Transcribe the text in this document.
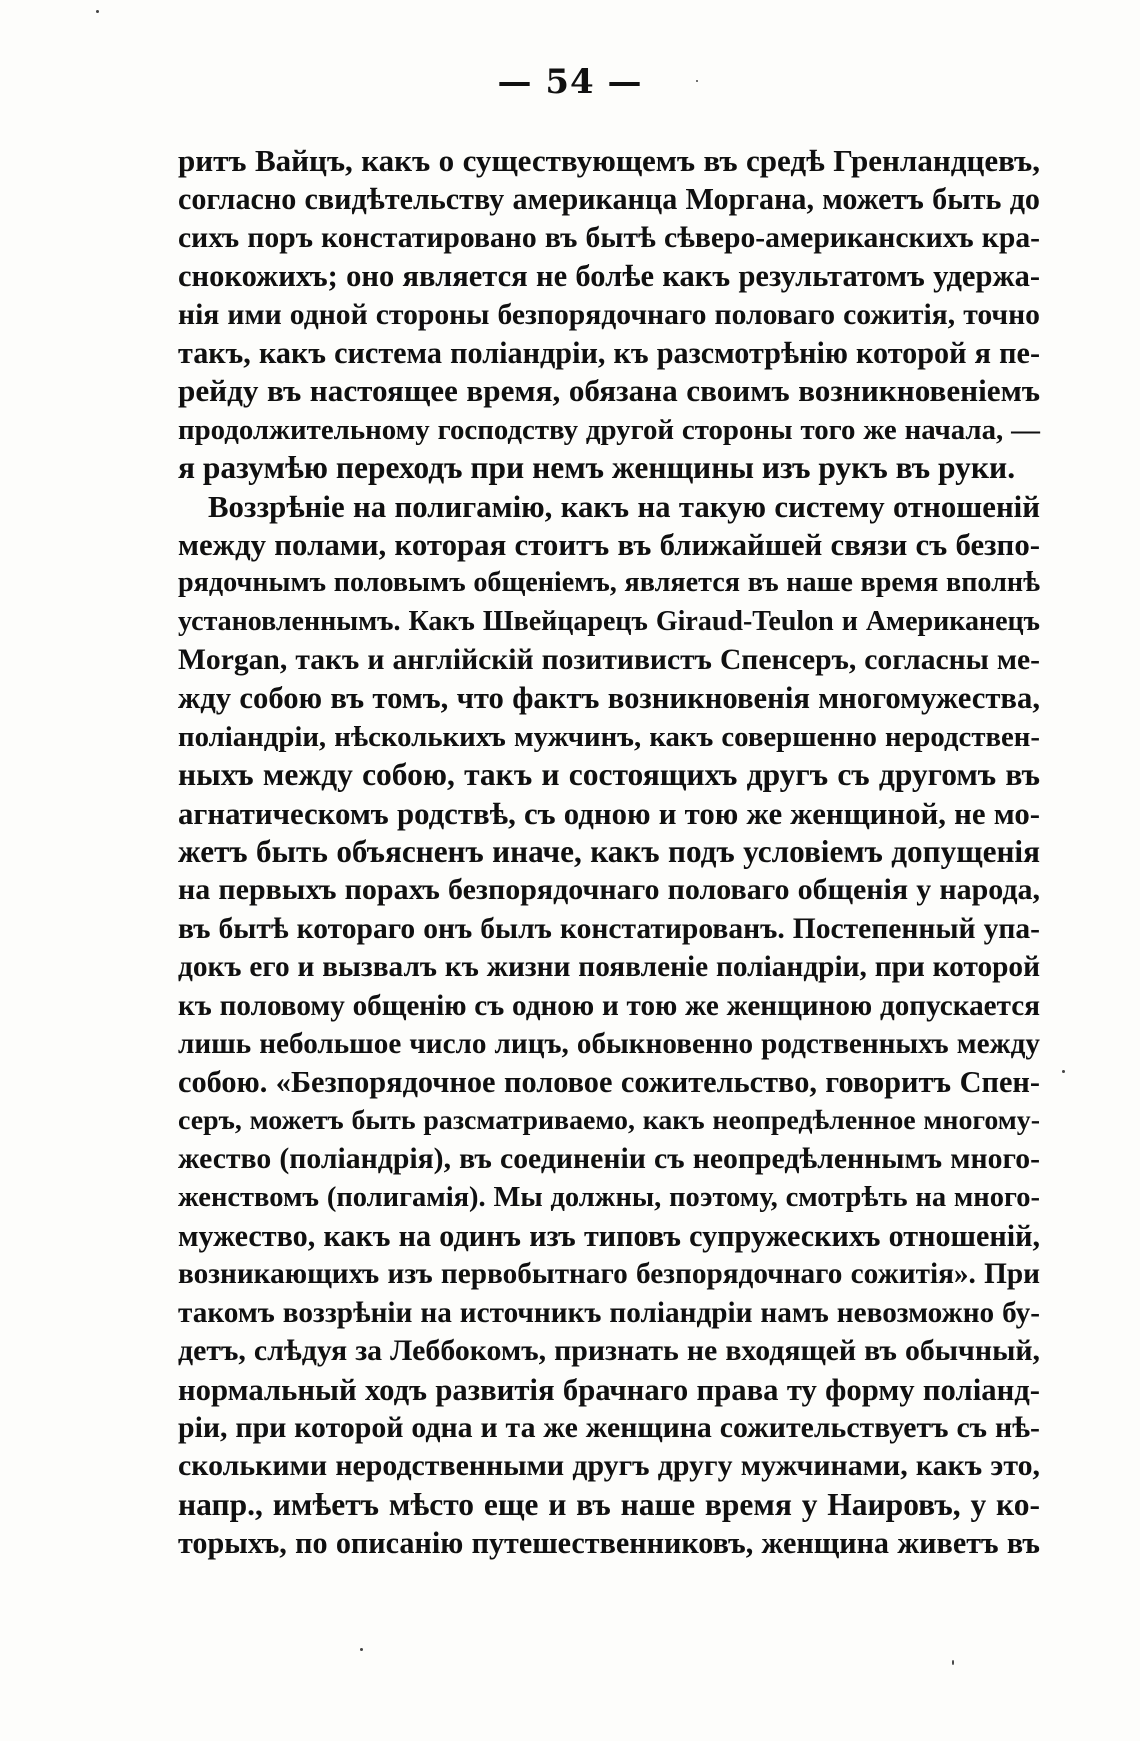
— 54 —
ритъ Вайцъ, какъ о существующемъ въ средѣ Гренландцевъ,
согласно свидѣтельству американца Моргана, можетъ быть до
сихъ поръ констатировано въ бытѣ сѣверо-американскихъ кра-
снокожихъ; оно является не болѣе какъ результатомъ удержа-
нія ими одной стороны безпорядочнаго половаго сожитія, точно
такъ, какъ система поліандріи, къ разсмотрѣнію которой я пе-
рейду въ настоящее время, обязана своимъ возникновеніемъ
продолжительному господству другой стороны того же начала, —
я разумѣю переходъ при немъ женщины изъ рукъ въ руки.
Воззрѣніе на полигамію, какъ на такую систему отношеній
между полами, которая стоитъ въ ближайшей связи съ безпо-
рядочнымъ половымъ общеніемъ, является въ наше время вполнѣ
установленнымъ. Какъ Швейцарецъ Giraud-Teulon и Американецъ
Morgan, такъ и англійскій позитивистъ Спенсеръ, согласны ме-
жду собою въ томъ, что фактъ возникновенія многомужества,
поліандріи, нѣсколькихъ мужчинъ, какъ совершенно неродствен-
ныхъ между собою, такъ и состоящихъ другъ съ другомъ въ
агнатическомъ родствѣ, съ одною и тою же женщиной, не мо-
жетъ быть объясненъ иначе, какъ подъ условіемъ допущенія
на первыхъ порахъ безпорядочнаго половаго общенія у народа,
въ бытѣ котораго онъ былъ констатированъ. Постепенный упа-
докъ его и вызвалъ къ жизни появленіе поліандріи, при которой
къ половому общенію съ одною и тою же женщиною допускается
лишь небольшое число лицъ, обыкновенно родственныхъ между
собою. «Безпорядочное половое сожительство, говоритъ Спен-
серъ, можетъ быть разсматриваемо, какъ неопредѣленное многому-
жество (поліандрія), въ соединеніи съ неопредѣленнымъ много-
женствомъ (полигамія). Мы должны, поэтому, смотрѣть на много-
мужество, какъ на одинъ изъ типовъ супружескихъ отношеній,
возникающихъ изъ первобытнаго безпорядочнаго сожитія». При
такомъ воззрѣніи на источникъ поліандріи намъ невозможно бу-
детъ, слѣдуя за Леббокомъ, признать не входящей въ обычный,
нормальный ходъ развитія брачнаго права ту форму поліанд-
ріи, при которой одна и та же женщина сожительствуетъ съ нѣ-
сколькими неродственными другъ другу мужчинами, какъ это,
напр., имѣетъ мѣсто еще и въ наше время у Наировъ, у ко-
торыхъ, по описанію путешественниковъ, женщина живетъ въ
